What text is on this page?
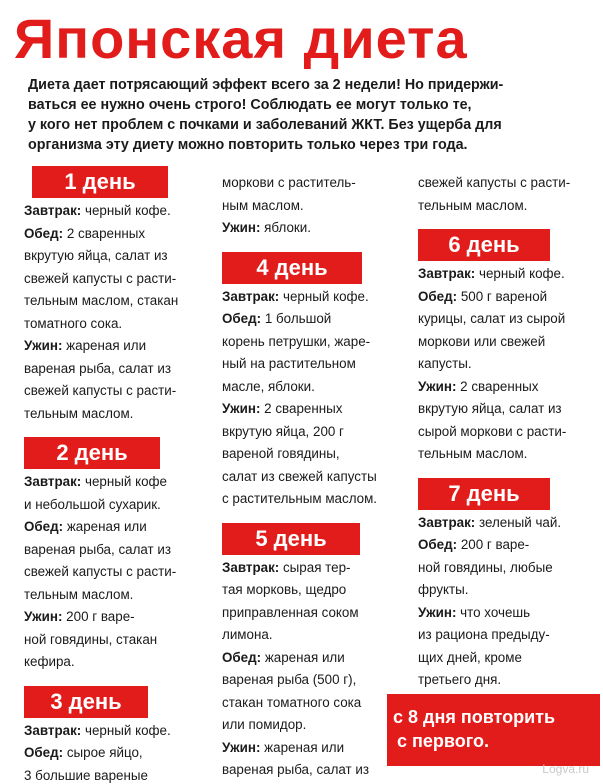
Японская диета
Диета дает потрясающий эффект всего за 2 недели! Но придержи-
ваться ее нужно очень строго! Соблюдать ее могут только те,
у кого нет проблем с почками и заболеваний ЖКТ. Без ущерба для
организма эту диету можно повторить только через три года.
1 день
Завтрак: черный кофе.
Обед: 2 сваренных
вкрутую яйца, салат из
свежей капусты с расти-
тельным маслом, стакан
томатного сока.
Ужин: жареная или
вареная рыба, салат из
свежей капусты с расти-
тельным маслом.
2 день
Завтрак: черный кофе
и небольшой сухарик.
Обед: жареная или
вареная рыба, салат из
свежей капусты с расти-
тельным маслом.
Ужин: 200 г варе-
ной говядины, стакан
кефира.
3 день
Завтрак: черный кофе.
Обед: сырое яйцо,
3 большие вареные
моркови с раститель-
ным маслом.
Ужин: яблоки.
4 день
Завтрак: черный кофе.
Обед: 1 большой
корень петрушки, жаре-
ный на растительном
масле, яблоки.
Ужин: 2 сваренных
вкрутую яйца, 200 г
вареной говядины,
салат из свежей капусты
с растительным маслом.
5 день
Завтрак: сырая тер-
тая морковь, щедро
приправленная соком
лимона.
Обед: жареная или
вареная рыба (500 г),
стакан томатного сока
или помидор.
Ужин: жареная или
вареная рыба, салат из
свежей капусты с расти-
тельным маслом.
6 день
Завтрак: черный кофе.
Обед: 500 г вареной
курицы, салат из сырой
моркови или свежей
капусты.
Ужин: 2 сваренных
вкрутую яйца, салат из
сырой моркови с расти-
тельным маслом.
7 день
Завтрак: зеленый чай.
Обед: 200 г варе-
ной говядины, любые
фрукты.
Ужин: что хочешь
из рациона предыду-
щих дней, кроме
третьего дня.
с 8 дня повторить
с первого.
Logva.ru
